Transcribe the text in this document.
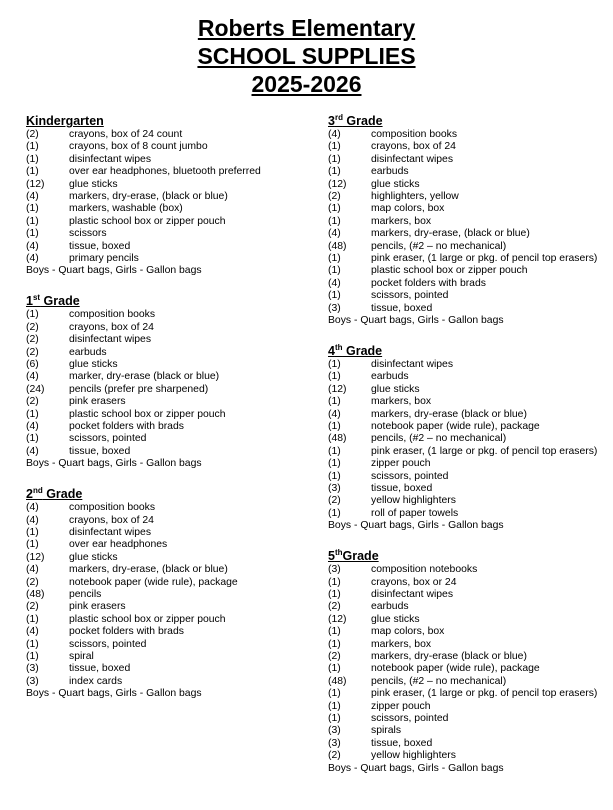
Roberts Elementary
SCHOOL SUPPLIES
2025-2026
Kindergarten
(2)	crayons, box of 24 count
(1)	crayons, box of 8 count jumbo
(1)	disinfectant wipes
(1)	over ear headphones, bluetooth preferred
(12)	glue sticks
(4)	markers, dry-erase, (black or blue)
(1)	markers, washable (box)
(1)	plastic school box or zipper pouch
(1)	scissors
(4)	tissue, boxed
(4)	primary pencils
Boys - Quart bags, Girls - Gallon bags
1st Grade
(1)	composition books
(2)	crayons, box of 24
(2)	disinfectant wipes
(2)	earbuds
(6)	glue sticks
(4)	marker, dry-erase (black or blue)
(24)	pencils (prefer pre sharpened)
(2)	pink erasers
(1)	plastic school box or zipper pouch
(4)	pocket folders with brads
(1)	scissors, pointed
(4)	tissue, boxed
Boys - Quart bags, Girls - Gallon bags
2nd Grade
(4)	composition books
(4)	crayons, box of 24
(1)	disinfectant wipes
(1)	over ear headphones
(12)	glue sticks
(4)	markers, dry-erase, (black or blue)
(2)	notebook paper (wide rule), package
(48)	pencils
(2)	pink erasers
(1)	plastic school box or zipper pouch
(4)	pocket folders with brads
(1)	scissors, pointed
(1)	spiral
(3)	tissue, boxed
(3)	index cards
Boys - Quart bags, Girls - Gallon bags
3rd Grade
(4)	composition books
(1)	crayons, box of 24
(1)	disinfectant wipes
(1)	earbuds
(12)	glue sticks
(2)	highlighters, yellow
(1)	map colors, box
(1)	markers, box
(4)	markers, dry-erase, (black or blue)
(48)	pencils, (#2 – no mechanical)
(1)	pink eraser, (1 large or pkg. of pencil top erasers)
(1)	plastic school box or zipper pouch
(4)	pocket folders with brads
(1)	scissors, pointed
(3)	tissue, boxed
Boys - Quart bags, Girls - Gallon bags
4th Grade
(1)	disinfectant wipes
(1)	earbuds
(12)	glue sticks
(1)	markers, box
(4)	markers, dry-erase (black or blue)
(1)	notebook paper (wide rule), package
(48)	pencils, (#2 – no mechanical)
(1)	pink eraser, (1 large or pkg. of pencil top erasers)
(1)	zipper pouch
(1)	scissors, pointed
(3)	tissue, boxed
(2)	yellow highlighters
(1)	roll of paper towels
Boys - Quart bags, Girls - Gallon bags
5thGrade
(3)	composition notebooks
(1)	crayons, box or 24
(1)	disinfectant wipes
(2)	earbuds
(12)	glue sticks
(1)	map colors, box
(1)	markers, box
(2)	markers, dry-erase (black or blue)
(1)	notebook paper (wide rule), package
(48)	pencils, (#2 – no mechanical)
(1)	pink eraser, (1 large or pkg. of pencil top erasers)
(1)	zipper pouch
(1)	scissors, pointed
(3)	spirals
(3)	tissue, boxed
(2)	yellow highlighters
Boys - Quart bags, Girls - Gallon bags
